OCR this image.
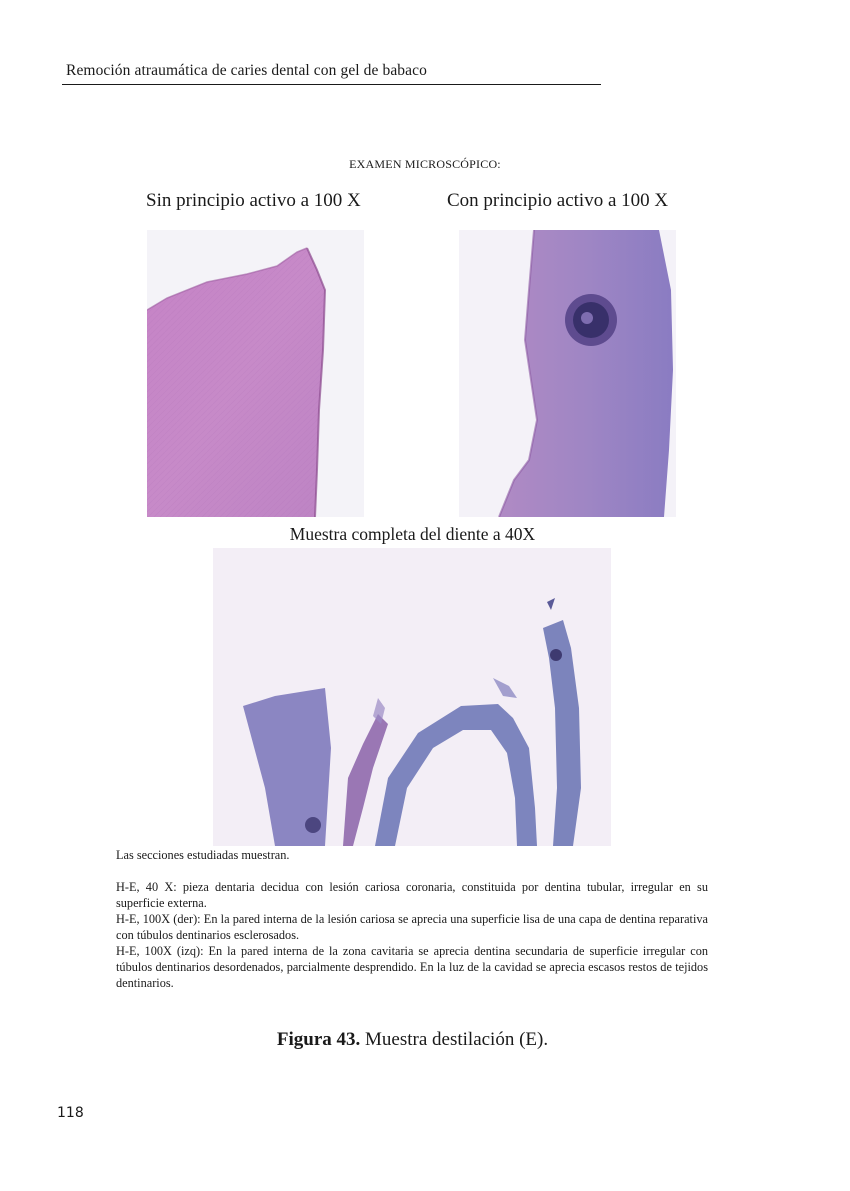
Remoción atraumática de caries dental con gel de babaco
EXAMEN MICROSCÓPICO:
Sin principio activo a 100 X	Con principio activo a 100 X
Muestra completa del diente a 40X
Las secciones estudiadas muestran.
H-E, 40 X: pieza dentaria decidua con lesión cariosa coronaria, constituida por dentina tubular, irregular en su superficie externa.
H-E, 100X (der): En la pared interna de la lesión cariosa se aprecia una superficie lisa de una capa de dentina reparativa con túbulos dentinarios esclerosados.
H-E, 100X (izq): En la pared interna de la zona cavitaria se aprecia dentina secundaria de superficie irregular con túbulos dentinarios desordenados, parcialmente desprendido. En la luz de la cavidad se aprecia escasos restos de tejidos dentinarios.
Figura 43. Muestra destilación (E).
118
